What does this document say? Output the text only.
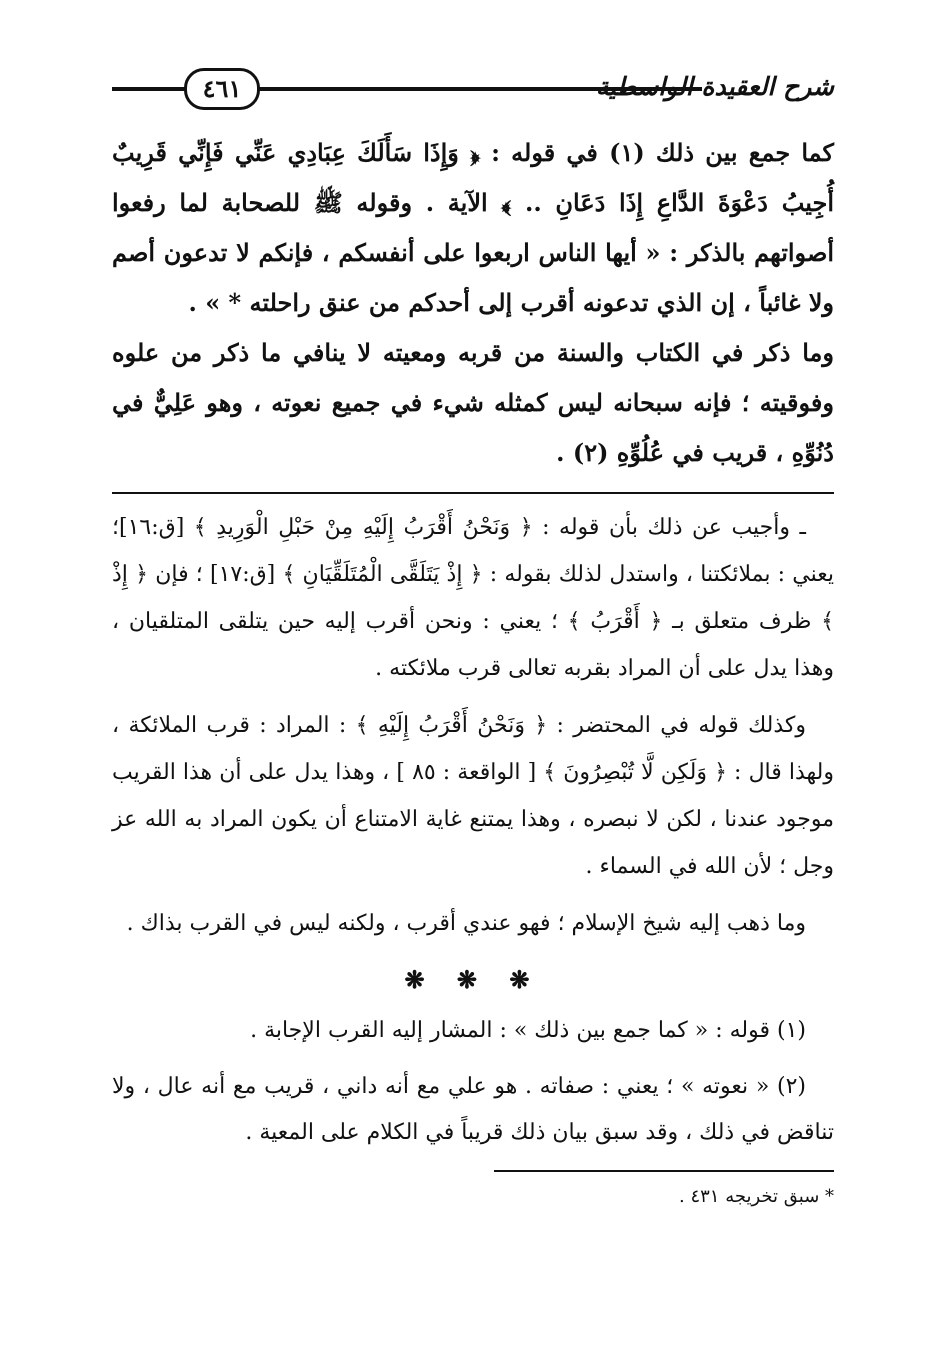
شرح العقيدة الواسطية
٤٦١

كما جمع بين ذلك (١) في قوله : ﴿ وَإِذَا سَأَلَكَ عِبَادِي عَنِّي فَإِنِّي قَرِيبٌ أُجِيبُ دَعْوَةَ الدَّاعِ إِذَا دَعَانِ .. ﴾ الآية . وقوله ﷺ للصحابة لما رفعوا أصواتهم بالذكر : « أيها الناس اربعوا على أنفسكم ، فإنكم لا تدعون أصم ولا غائباً ، إن الذي تدعونه أقرب إلى أحدكم من عنق راحلته * » .

وما ذكر في الكتاب والسنة من قربه ومعيته لا ينافي ما ذكر من علوه وفوقيته ؛ فإنه سبحانه ليس كمثله شيء في جميع نعوته ، وهو عَلِيٌّ في دُنُوِّهِ ، قريب في عُلُوِّهِ (٢) .

ـ وأجيب عن ذلك بأن قوله : ﴿ وَنَحْنُ أَقْرَبُ إِلَيْهِ مِنْ حَبْلِ الْوَرِيدِ ﴾ [ق:١٦]؛ يعني : بملائكتنا ، واستدل لذلك بقوله : ﴿ إِذْ يَتَلَقَّى الْمُتَلَقِّيَانِ ﴾ [ق:١٧] ؛ فإن ﴿ إِذْ ﴾ ظرف متعلق بـ ﴿ أَقْرَبُ ﴾ ؛ يعني : ونحن أقرب إليه حين يتلقى المتلقيان ، وهذا يدل على أن المراد بقربه تعالى قرب ملائكته .

وكذلك قوله في المحتضر : ﴿ وَنَحْنُ أَقْرَبُ إِلَيْهِ ﴾ : المراد : قرب الملائكة ، ولهذا قال : ﴿ وَلَكِن لَّا تُبْصِرُونَ ﴾ [ الواقعة : ٨٥ ] ، وهذا يدل على أن هذا القريب موجود عندنا ، لكن لا نبصره ، وهذا يمتنع غاية الامتناع أن يكون المراد به الله عز وجل ؛ لأن الله في السماء .

وما ذهب إليه شيخ الإسلام ؛ فهو عندي أقرب ، ولكنه ليس في القرب بذاك .

❋ ❋ ❋

(١) قوله : « كما جمع بين ذلك » : المشار إليه القرب الإجابة .

(٢) « نعوته » ؛ يعني : صفاته . هو علي مع أنه داني ، قريب مع أنه عال ، ولا تناقض في ذلك ، وقد سبق بيان ذلك قريباً في الكلام على المعية .

* سبق تخريجه ٤٣١ .
